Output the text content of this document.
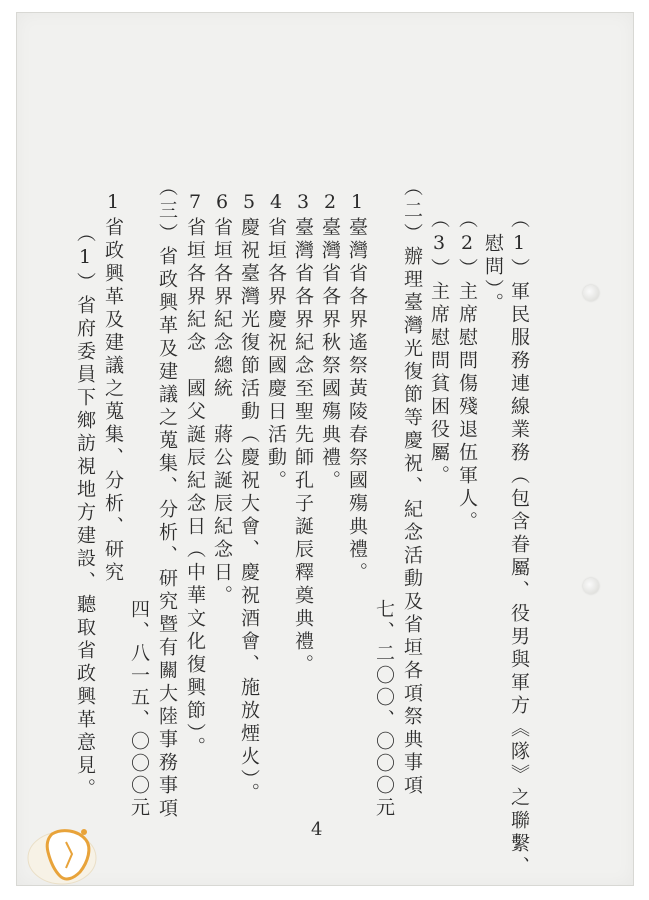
（1）軍民服務連線業務（包含眷屬、役男與軍方《隊》之聯繫、
慰問）。
（2）主席慰問傷殘退伍軍人。
（3）主席慰問貧困役屬。
（二）辦理臺灣光復節等慶祝、紀念活動及省垣各項祭典事項
七、二〇〇、〇〇〇元
1臺灣省各界遙祭黃陵春祭國殤典禮。
2臺灣省各界秋祭國殤典禮。
3臺灣省各界紀念至聖先師孔子誕辰釋奠典禮。
4省垣各界慶祝國慶日活動。
5慶祝臺灣光復節活動（慶祝大會、慶祝酒會、施放煙火）。
6省垣各界紀念總統　蔣公誕辰紀念日。
7省垣各界紀念　國父誕辰紀念日（中華文化復興節）。
（三）省政興革及建議之蒐集、分析、研究暨有關大陸事務事項
四、八一五、〇〇〇元
1省政興革及建議之蒐集、分析、研究
（1）省府委員下鄉訪視地方建設、聽取省政興革意見。
4
